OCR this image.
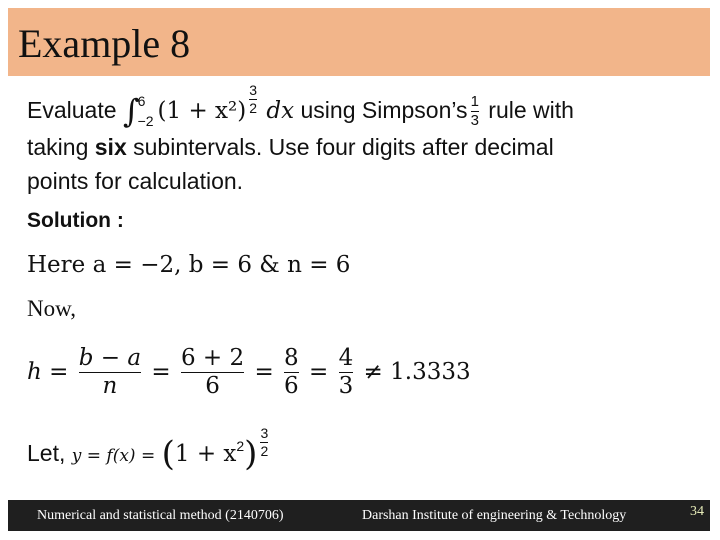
Example 8
Evaluate ∫
6
−2 $(1 + x^2) \frac{3}{2}$ dx using Simpson’s $\frac{1}{3}$ rule with
taking six subintervals. Use four digits after decimal
points for calculation.
Solution :
Here a = −2, b = 6 & n = 6
Now,
$h = \frac{b - a}{n} = \frac{6 + 2}{6} = \frac{8}{6} = \frac{4}{3} \ne 1.3333$
Let, $y = f(x) = (1 + x^2) \frac{3}{2}$
Numerical and statistical method (2140706)	Darshan Institute of engineering & Technology	34
